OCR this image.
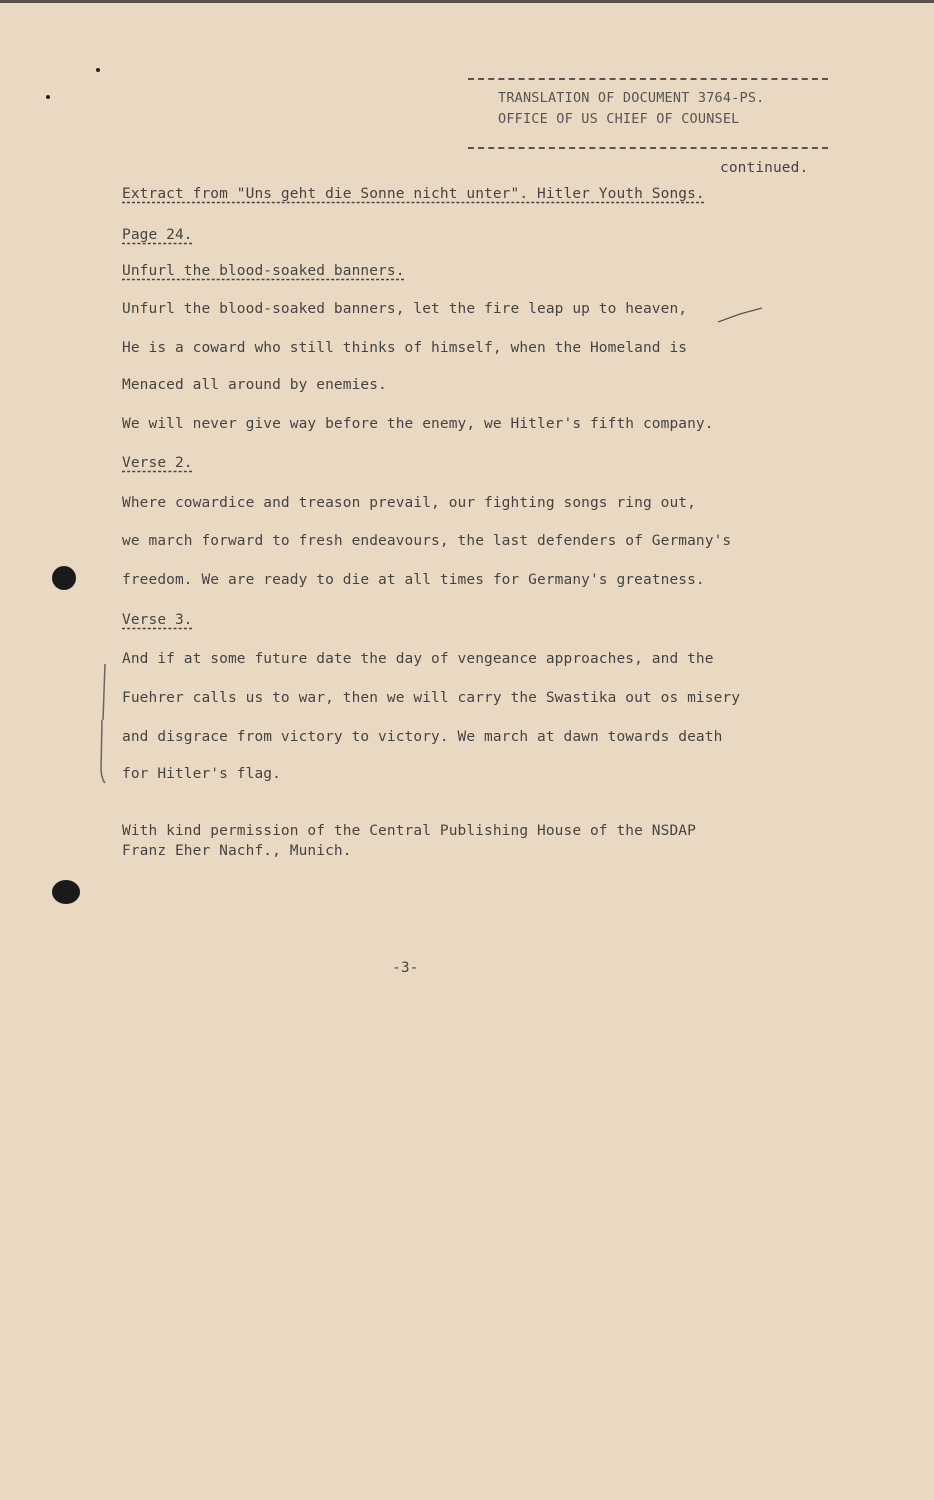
TRANSLATION OF DOCUMENT 3764-PS.
OFFICE OF US CHIEF OF COUNSEL
continued.
Extract from "Uns geht die Sonne nicht unter". Hitler Youth Songs.
Page 24.
Unfurl the blood-soaked banners.
Unfurl the blood-soaked banners, let the fire leap up to heaven,
He is a coward who still thinks of himself, when the Homeland is
Menaced all around by enemies.
We will never give way before the enemy, we Hitler's fifth company.
Verse 2.
Where cowardice and treason prevail, our fighting songs ring out,
we march forward to fresh endeavours, the last defenders of Germany's
freedom. We are ready to die at all times for Germany's greatness.
Verse 3.
And if at some future date the day of vengeance approaches, and the
Fuehrer calls us to war, then we will carry the Swastika out os misery
and disgrace from victory to victory. We march at dawn towards death
for Hitler's flag.
With kind permission of the Central Publishing House of the NSDAP
Franz Eher Nachf., Munich.
-3-
